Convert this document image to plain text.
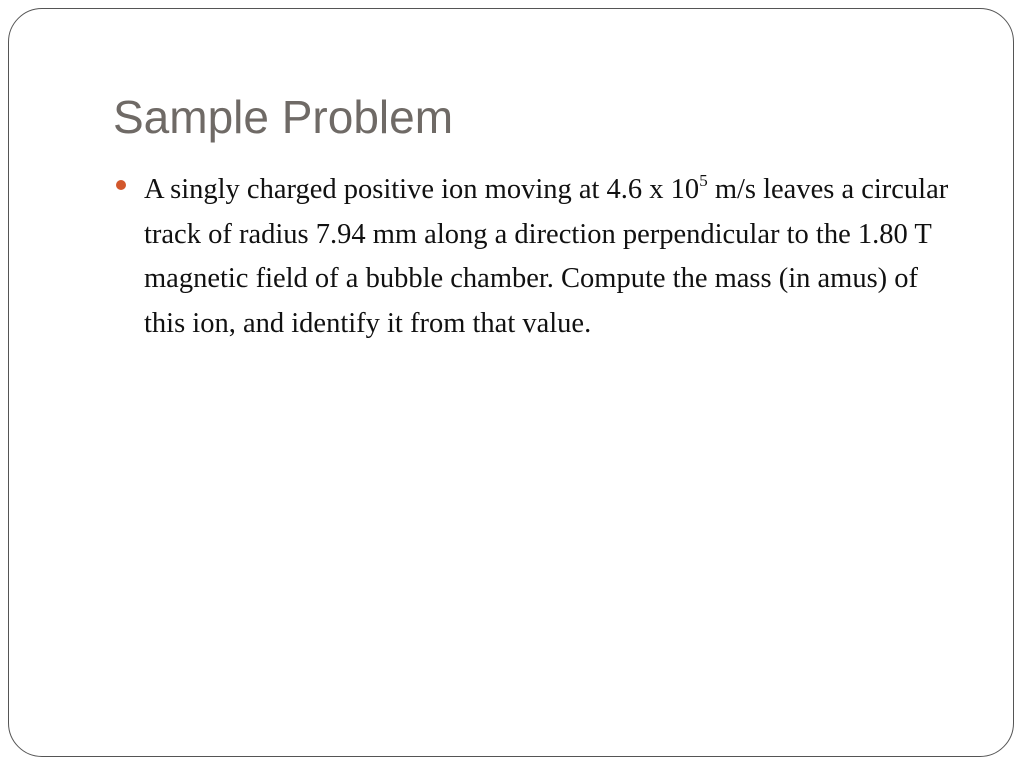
Sample Problem
A singly charged positive ion moving at 4.6 x $10^5$ m/s leaves a circular track of radius 7.94 mm along a direction perpendicular to the 1.80 T magnetic field of a bubble chamber. Compute the mass (in amus) of this ion, and identify it from that value.
